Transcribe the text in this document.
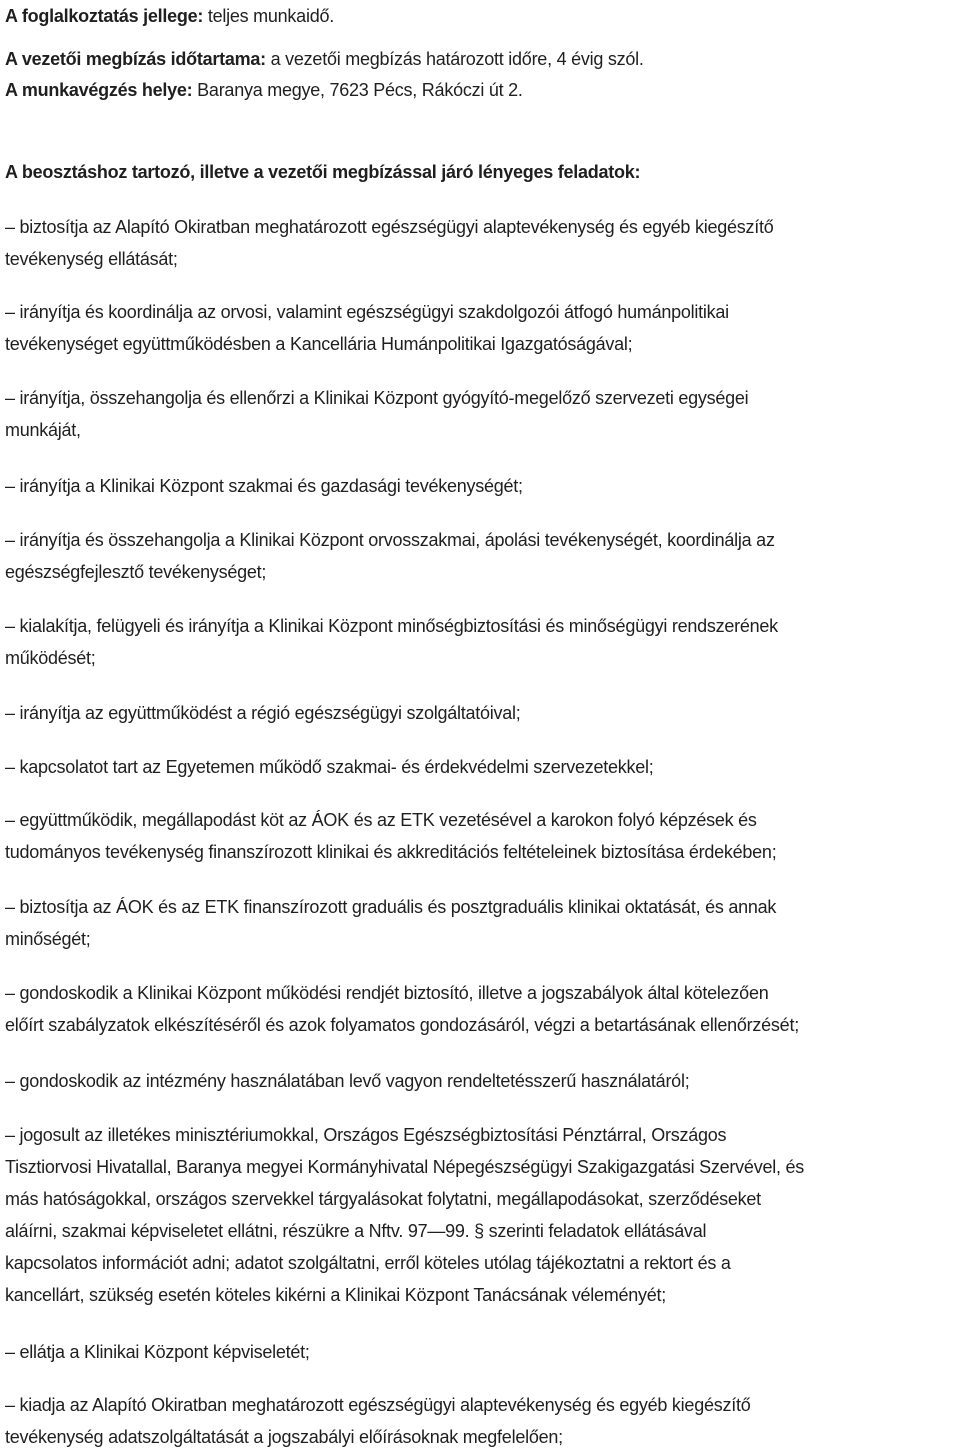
A foglalkoztatás jellege: teljes munkaidő.

A vezetői megbízás időtartama: a vezetői megbízás határozott időre, 4 évig szól.

A munkavégzés helye: Baranya megye, 7623 Pécs, Rákóczi út 2.

A beosztáshoz tartozó, illetve a vezetői megbízással járó lényeges feladatok:

– biztosítja az Alapító Okiratban meghatározott egészségügyi alaptevékenység és egyéb kiegészítő

tevékenység ellátását;

– irányítja és koordinálja az orvosi, valamint egészségügyi szakdolgozói átfogó humánpolitikai

tevékenységet együttműködésben a Kancellária Humánpolitikai Igazgatóságával;

– irányítja, összehangolja és ellenőrzi a Klinikai Központ gyógyító-megelőző szervezeti egységei

munkáját,

– irányítja a Klinikai Központ szakmai és gazdasági tevékenységét;

– irányítja és összehangolja a Klinikai Központ orvosszakmai, ápolási tevékenységét, koordinálja az

egészségfejlesztő tevékenységet;

– kialakítja, felügyeli és irányítja a Klinikai Központ minőségbiztosítási és minőségügyi rendszerének

működését;

– irányítja az együttműködést a régió egészségügyi szolgáltatóival;

– kapcsolatot tart az Egyetemen működő szakmai- és érdekvédelmi szervezetekkel;

– együttműködik, megállapodást köt az ÁOK és az ETK vezetésével a karokon folyó képzések és

tudományos tevékenység finanszírozott klinikai és akkreditációs feltételeinek biztosítása érdekében;

– biztosítja az ÁOK és az ETK finanszírozott graduális és posztgraduális klinikai oktatását, és annak

minőségét;

– gondoskodik a Klinikai Központ működési rendjét biztosító, illetve a jogszabályok által kötelezően

előírt szabályzatok elkészítéséről és azok folyamatos gondozásáról, végzi a betartásának ellenőrzését;

– gondoskodik az intézmény használatában levő vagyon rendeltetésszerű használatáról;

– jogosult az illetékes minisztériumokkal, Országos Egészségbiztosítási Pénztárral, Országos

Tisztiorvosi Hivatallal, Baranya megyei Kormányhivatal Népegészségügyi Szakigazgatási Szervével, és

más hatóságokkal, országos szervekkel tárgyalásokat folytatni, megállapodásokat, szerződéseket

aláírni, szakmai képviseletet ellátni, részükre a Nftv. 97—99. § szerinti feladatok ellátásával

kapcsolatos információt adni; adatot szolgáltatni, erről köteles utólag tájékoztatni a rektort és a

kancellárt, szükség esetén köteles kikérni a Klinikai Központ Tanácsának véleményét;

– ellátja a Klinikai Központ képviseletét;

– kiadja az Alapító Okiratban meghatározott egészségügyi alaptevékenység és egyéb kiegészítő

tevékenység adatszolgáltatását a jogszabályi előírásoknak megfelelően;
